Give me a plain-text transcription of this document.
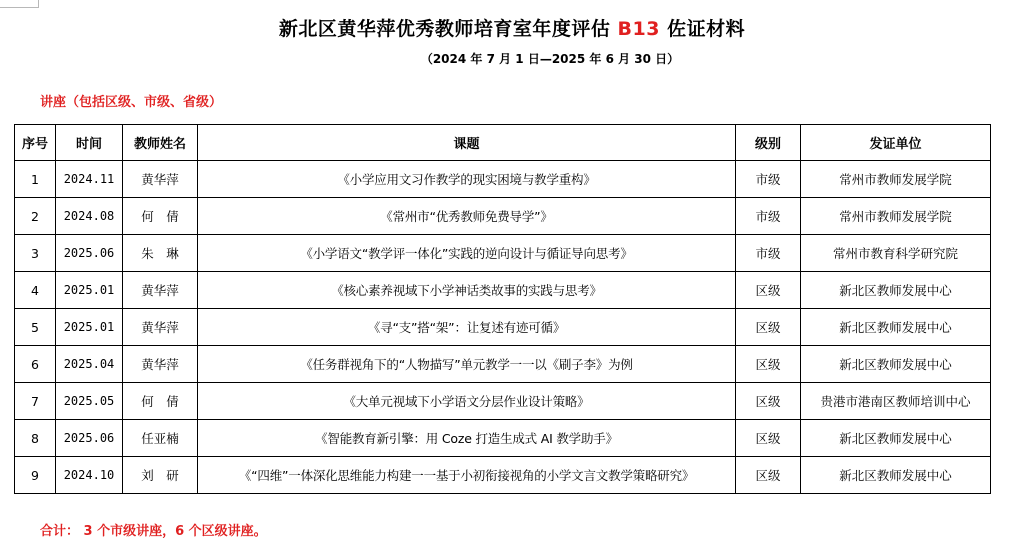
新北区黄华萍优秀教师培育室年度评估 B13 佐证材料
（2024 年 7 月 1 日—2025 年 6 月 30 日）
讲座（包括区级、市级、省级）
序号	时间	教师姓名	课题	级别	发证单位
1	2024.11	黄华萍	《小学应用文习作教学的现实困境与教学重构》	市级	常州市教师发展学院
2	2024.08	何　倩	《常州市“优秀教师免费导学”》	市级	常州市教师发展学院
3	2025.06	朱　琳	《小学语文“教学评一体化”实践的逆向设计与循证导向思考》	市级	常州市教育科学研究院
4	2025.01	黄华萍	《核心素养视域下小学神话类故事的实践与思考》	区级	新北区教师发展中心
5	2025.01	黄华萍	《寻“支”搭“架”：让复述有迹可循》	区级	新北区教师发展中心
6	2025.04	黄华萍	《任务群视角下的“人物描写”单元教学一一以《刷子李》为例	区级	新北区教师发展中心
7	2025.05	何　倩	《大单元视域下小学语文分层作业设计策略》	区级	贵港市港南区教师培训中心
8	2025.06	任亚楠	《智能教育新引擎：用 Coze 打造生成式 AI 教学助手》	区级	新北区教师发展中心
9	2024.10	刘　研	《“四维”一体深化思维能力构建一一基于小初衔接视角的小学文言文教学策略研究》	区级	新北区教师发展中心
合计： 3 个市级讲座，6 个区级讲座。
